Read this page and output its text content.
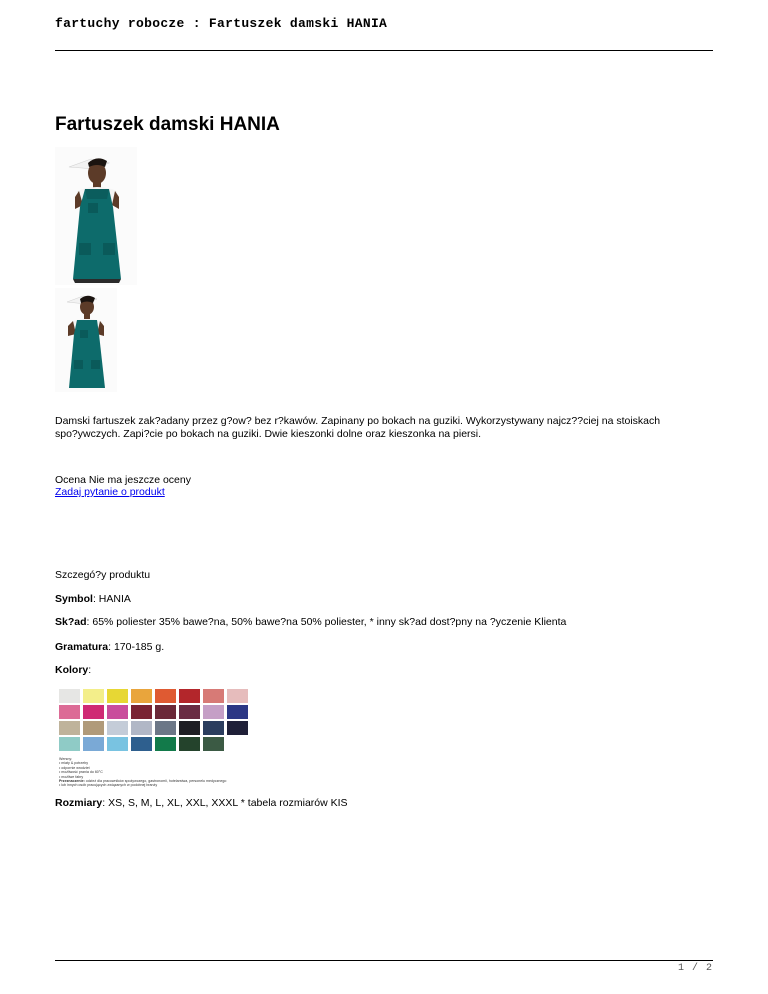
fartuchy robocze : Fartuszek damski HANIA
Fartuszek damski HANIA
Damski fartuszek zak?adany przez g?ow? bez r?kawów. Zapinany po bokach na guziki. Wykorzystywany najcz??ciej na stoiskach spo?ywczych. Zapi?cie po bokach na guziki. Dwie kieszonki dolne oraz kieszonka na piersi.
Ocena Nie ma jeszcze oceny
Zadaj pytanie o produkt
Szczegó?y produktu
Symbol: HANIA
Sk?ad: 65% poliester 35% bawe?na, 50% bawe?na 50% poliester, * inny sk?ad dost?pny na ?yczenie Klienta
Gramatura: 170-185 g.
Kolory:
Wersny:
• miaty & potrzeby
• odpornie wrodziet
• możliwość prania do 60°C
• możliwe fabry
Przeznaczenie: odzież dla pracowników spożywczego, gastronomii, hotelarstwa, personelu medycznego
• lub innych osób pracujących związanych w podobnej branży
Rozmiary: XS, S, M, L, XL, XXL, XXXL * tabela rozmiarów KIS
1 / 2
